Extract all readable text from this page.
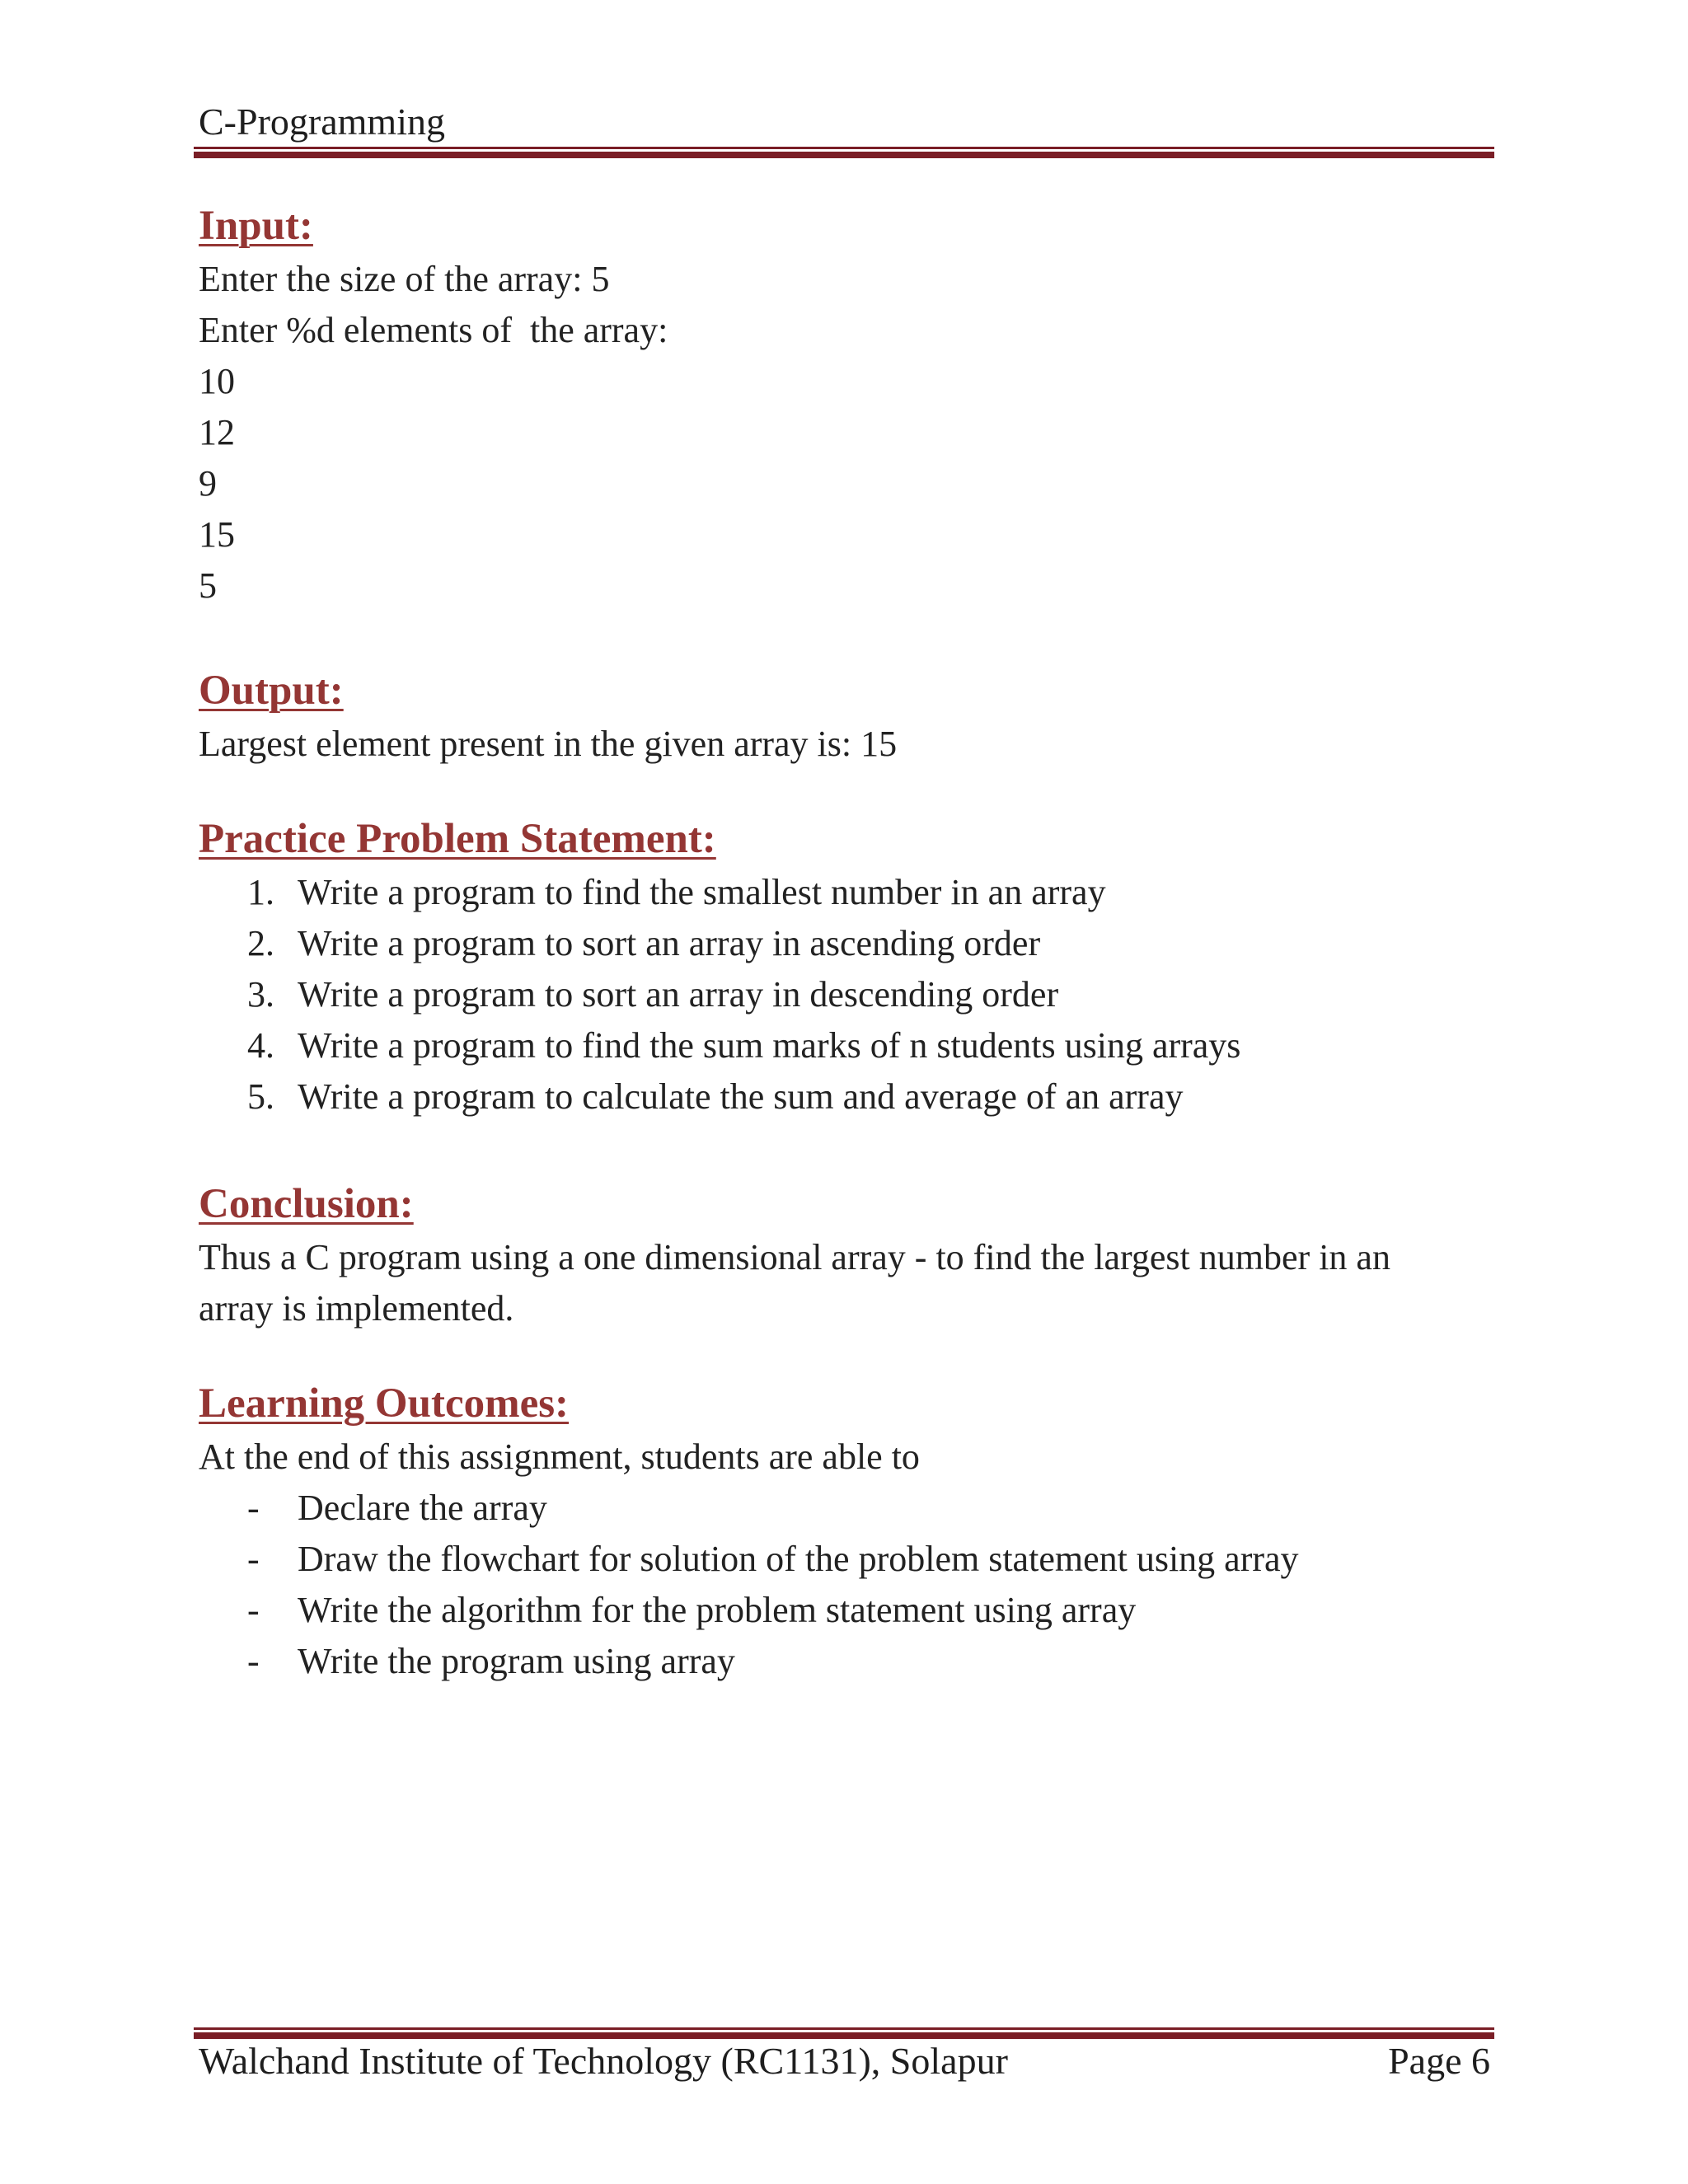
C-Programming

Input:

Enter the size of the array: 5

Enter %d elements of  the array:

10

12

9

15

5

Output:

Largest element present in the given array is: 15

Practice Problem Statement:

1. Write a program to find the smallest number in an array
2. Write a program to sort an array in ascending order
3. Write a program to sort an array in descending order
4. Write a program to find the sum marks of n students using arrays
5. Write a program to calculate the sum and average of an array

Conclusion:

Thus a C program using a one dimensional array - to find the largest number in an

array is implemented.

Learning Outcomes:

At the end of this assignment, students are able to

-	Declare the array
-	Draw the flowchart for solution of the problem statement using array
-	Write the algorithm for the problem statement using array
-	Write the program using array
Walchand Institute of Technology (RC1131), Solapur	Page 6
